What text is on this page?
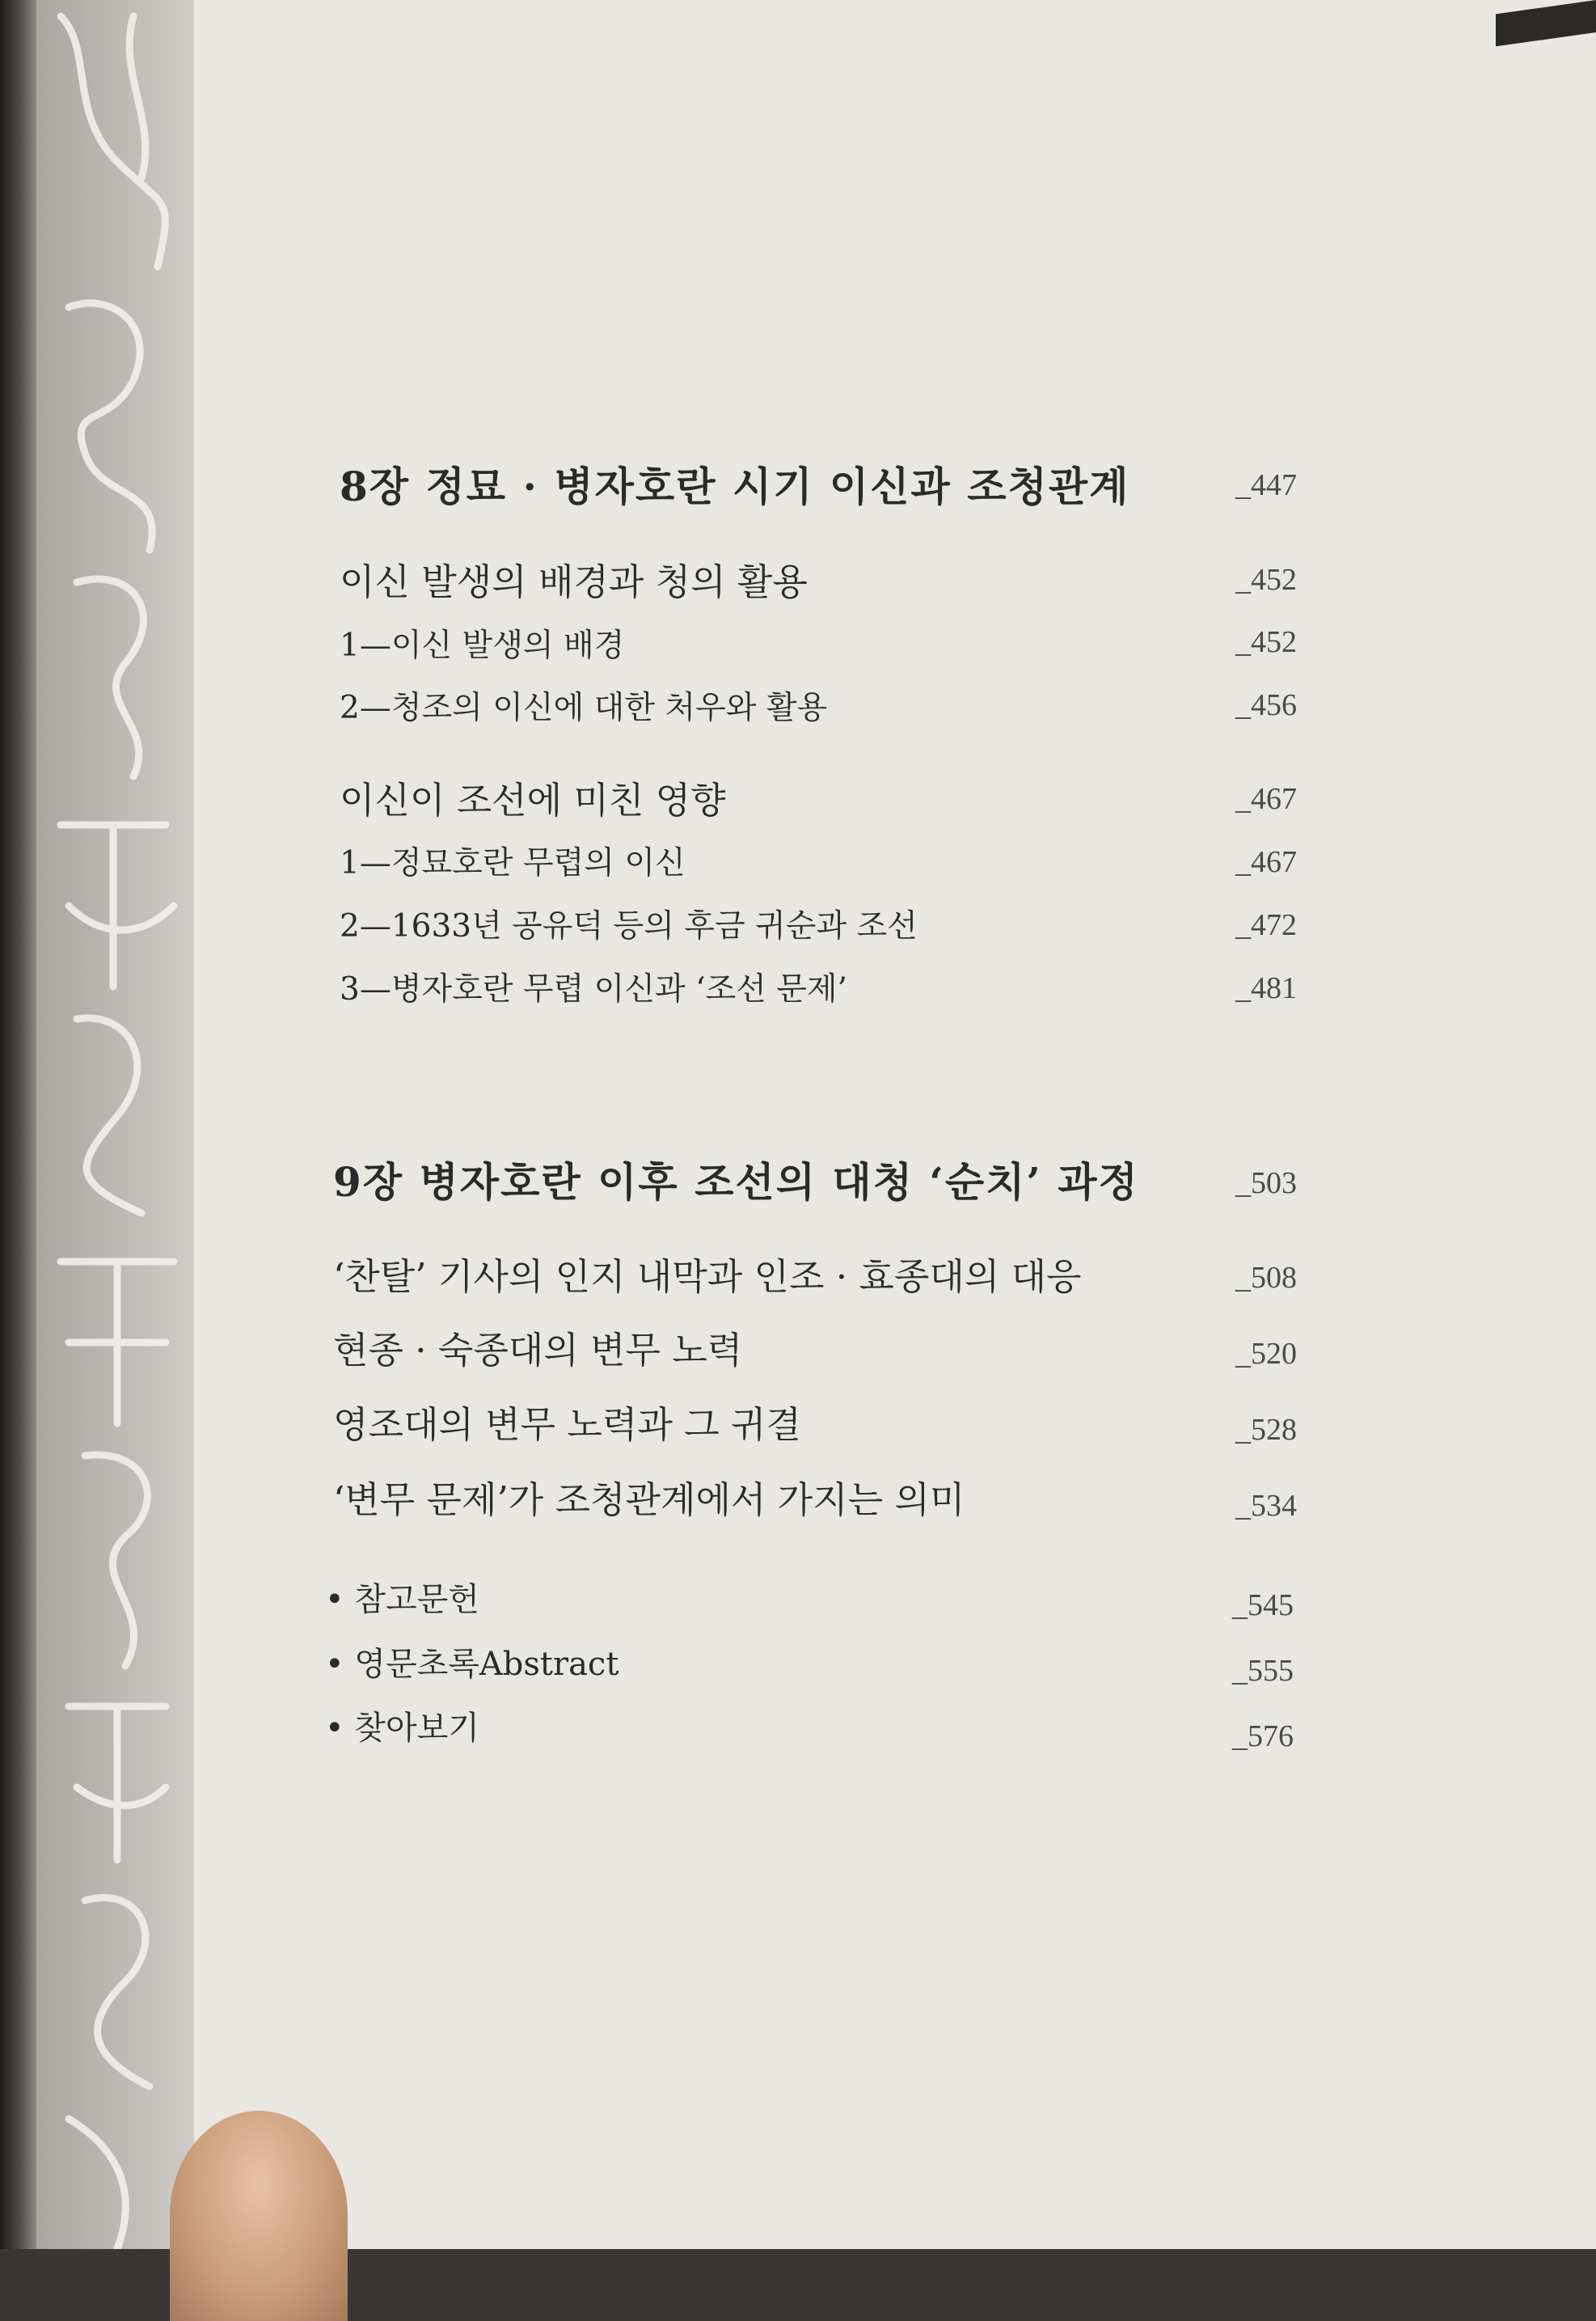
8장 정묘 · 병자호란 시기 이신과 조청관계	_447
이신 발생의 배경과 청의 활용	_452
1—이신 발생의 배경	_452
2—청조의 이신에 대한 처우와 활용	_456
이신이 조선에 미친 영향	_467
1—정묘호란 무렵의 이신	_467
2—1633년 공유덕 등의 후금 귀순과 조선	_472
3—병자호란 무렵 이신과 ‘조선 문제’	_481
9장 병자호란 이후 조선의 대청 ‘순치’ 과정	_503
‘찬탈’ 기사의 인지 내막과 인조 · 효종대의 대응	_508
현종 · 숙종대의 변무 노력	_520
영조대의 변무 노력과 그 귀결	_528
‘변무 문제’가 조청관계에서 가지는 의미	_534
• 참고문헌	_545
• 영문초록Abstract	_555
• 찾아보기	_576
